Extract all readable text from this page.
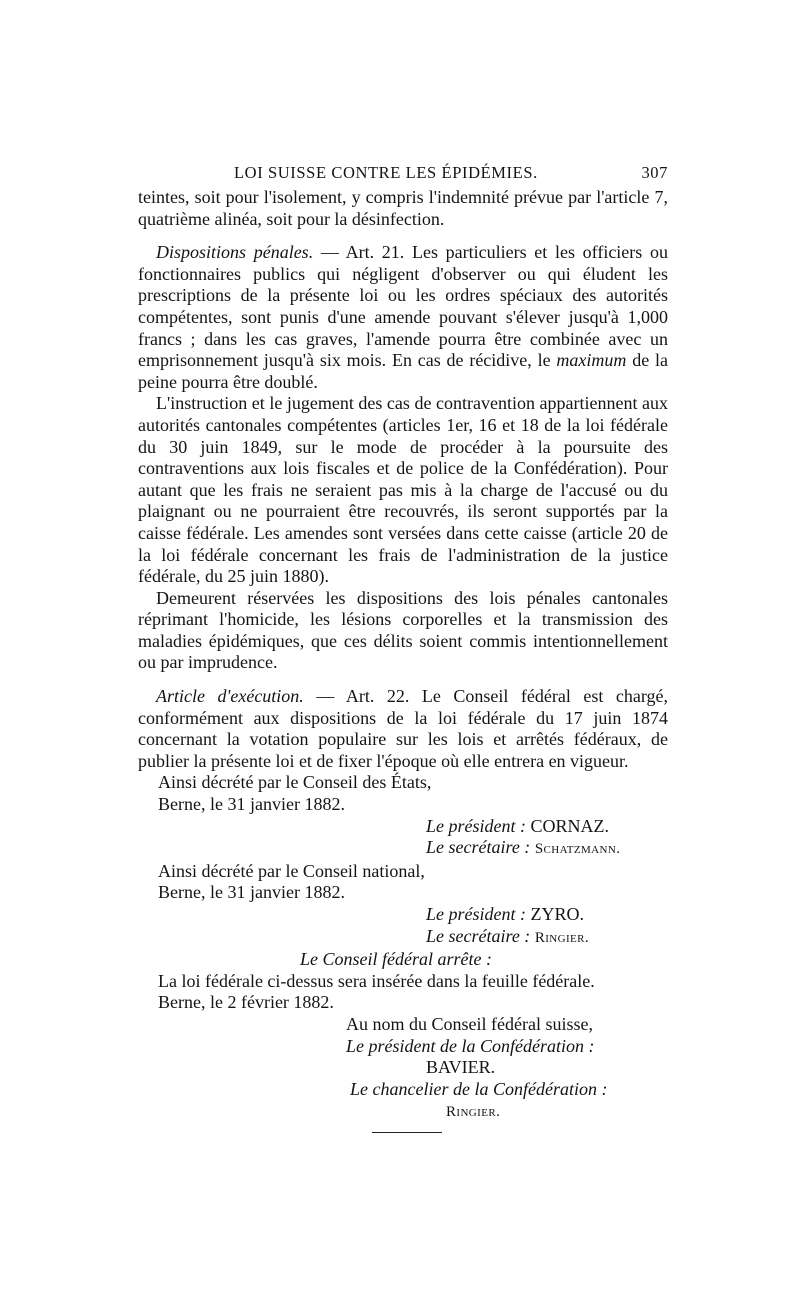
LOI SUISSE CONTRE LES ÉPIDÉMIES.	307

teintes, soit pour l'isolement, y compris l'indemnité prévue par l'article 7, quatrième alinéa, soit pour la désinfection.

Dispositions pénales. — Art. 21. Les particuliers et les officiers ou fonctionnaires publics qui négligent d'observer ou qui éludent les prescriptions de la présente loi ou les ordres spéciaux des autorités compétentes, sont punis d'une amende pouvant s'élever jusqu'à 1,000 francs ; dans les cas graves, l'amende pourra être combinée avec un emprisonnement jusqu'à six mois. En cas de récidive, le maximum de la peine pourra être doublé.

L'instruction et le jugement des cas de contravention appartiennent aux autorités cantonales compétentes (articles 1er, 16 et 18 de la loi fédérale du 30 juin 1849, sur le mode de procéder à la poursuite des contraventions aux lois fiscales et de police de la Confédération). Pour autant que les frais ne seraient pas mis à la charge de l'accusé ou du plaignant ou ne pourraient être recouvrés, ils seront supportés par la caisse fédérale. Les amendes sont versées dans cette caisse (article 20 de la loi fédérale concernant les frais de l'administration de la justice fédérale, du 25 juin 1880).

Demeurent réservées les dispositions des lois pénales cantonales réprimant l'homicide, les lésions corporelles et la transmission des maladies épidémiques, que ces délits soient commis intentionnellement ou par imprudence.

Article d'exécution. — Art. 22. Le Conseil fédéral est chargé, conformément aux dispositions de la loi fédérale du 17 juin 1874 concernant la votation populaire sur les lois et arrêtés fédéraux, de publier la présente loi et de fixer l'époque où elle entrera en vigueur.

Ainsi décrété par le Conseil des États,
Berne, le 31 janvier 1882.
Le président : CORNAZ.
Le secrétaire : Schatzmann.
Ainsi décrété par le Conseil national,
Berne, le 31 janvier 1882.
Le président : ZYRO.
Le secrétaire : Ringier.
Le Conseil fédéral arrête :
La loi fédérale ci-dessus sera insérée dans la feuille fédérale.
Berne, le 2 février 1882.
Au nom du Conseil fédéral suisse,
Le président de la Confédération :
BAVIER.
Le chancelier de la Confédération :
Ringier.
